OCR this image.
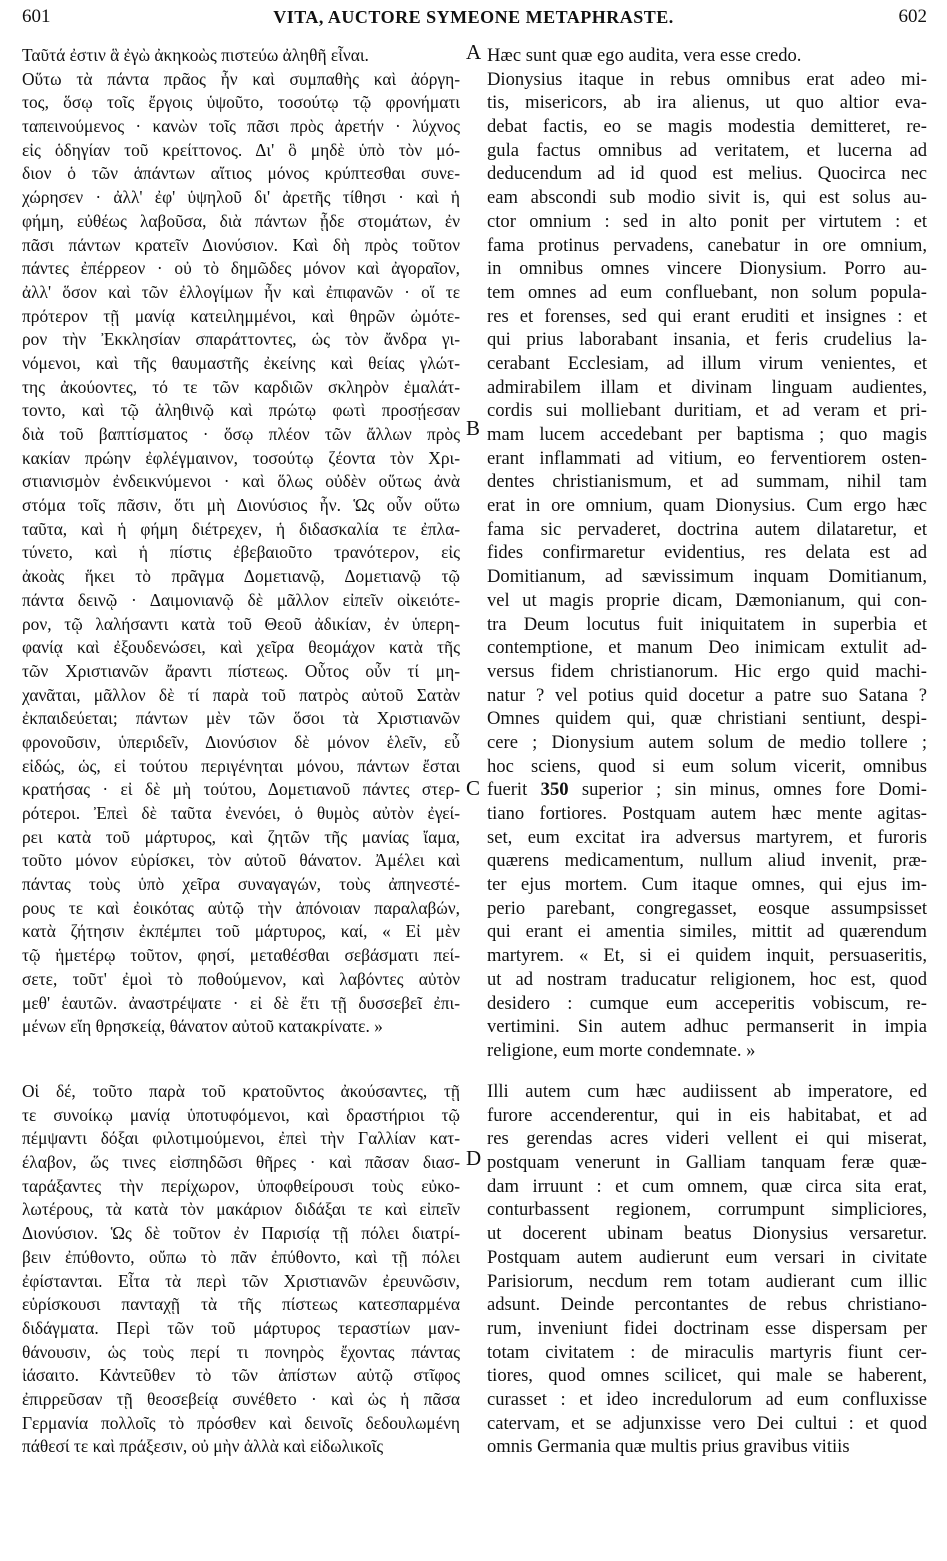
601	VITA, AUCTORE SYMEONE METAPHRASTE.	602
A
B
C
D
Ταῦτά ἐστιν ἃ ἐγὼ ἀκηκοὼς πιστεύω ἀληθῆ εἶναι.
Οὕτω τὰ πάντα πρᾶος ἦν καὶ συμπαθὴς καὶ ἀόργη-
τος, ὅσῳ τοῖς ἔργοις ὑψοῦτο, τοσούτῳ τῷ φρονήματι
ταπεινούμενος · κανὼν τοῖς πᾶσι πρὸς ἀρετήν · λύχνος
εἰς ὁδηγίαν τοῦ κρείττονος. Δι' ὃ μηδὲ ὑπὸ τὸν μό-
διον ὁ τῶν ἁπάντων αἴτιος μόνος κρύπτεσθαι συνε-
χώρησεν · ἀλλ' ἐφ' ὑψηλοῦ δι' ἀρετῆς τίθησι · καὶ ἡ
φήμη, εὐθέως λαβοῦσα, διὰ πάντων ᾖδε στομάτων, ἐν
πᾶσι πάντων κρατεῖν Διονύσιον. Καὶ δὴ πρὸς τοῦτον
πάντες ἐπέρρεον · οὐ τὸ δημῶδες μόνον καὶ ἀγοραῖον,
ἀλλ' ὅσον καὶ τῶν ἐλλογίμων ἦν καὶ ἐπιφανῶν · οἵ τε
πρότερον τῇ μανίᾳ κατειλημμένοι, καὶ θηρῶν ὠμότε-
ρον τὴν Ἐκκλησίαν σπαράττοντες, ὡς τὸν ἄνδρα γι-
νόμενοι, καὶ τῆς θαυμαστῆς ἐκείνης καὶ θείας γλώτ-
της ἀκούοντες, τό τε τῶν καρδιῶν σκληρὸν ἐμαλάτ-
τοντο, καὶ τῷ ἀληθινῷ καὶ πρώτῳ φωτὶ προσῄεσαν
διὰ τοῦ βαπτίσματος · ὅσῳ πλέον τῶν ἄλλων πρὸς
κακίαν πρώην ἐφλέγμαινον, τοσούτῳ ζέοντα τὸν Χρι-
στιανισμὸν ἐνδεικνύμενοι · καὶ ὅλως οὐδὲν οὕτως ἀνὰ
στόμα τοῖς πᾶσιν, ὅτι μὴ Διονύσιος ἦν. Ὡς οὖν οὕτω
ταῦτα, καὶ ἡ φήμη διέτρεχεν, ἡ διδασκαλία τε ἐπλα-
τύνετο, καὶ ἡ πίστις ἐβεβαιοῦτο τρανότερον, εἰς
ἀκοὰς ἥκει τὸ πρᾶγμα Δομετιανῷ, Δομετιανῷ τῷ
πάντα δεινῷ · Δαιμονιανῷ δὲ μᾶλλον εἰπεῖν οἰκειότε-
ρον, τῷ λαλήσαντι κατὰ τοῦ Θεοῦ ἀδικίαν, ἐν ὑπερη-
φανίᾳ καὶ ἐξουδενώσει, καὶ χεῖρα θεομάχον κατὰ τῆς
τῶν Χριστιανῶν ἄραντι πίστεως. Οὗτος οὖν τί μη-
χανᾶται, μᾶλλον δὲ τί παρὰ τοῦ πατρὸς αὐτοῦ Σατὰν
ἐκπαιδεύεται; πάντων μὲν τῶν ὅσοι τὰ Χριστιανῶν
φρονοῦσιν, ὑπεριδεῖν, Διονύσιον δὲ μόνον ἑλεῖν, εὖ
εἰδώς, ὡς, εἰ τούτου περιγένηται μόνου, πάντων ἔσται
κρατήσας · εἰ δὲ μὴ τούτου, Δομετιανοῦ πάντες στερ-
ρότεροι. Ἐπεὶ δὲ ταῦτα ἐνενόει, ὁ θυμὸς αὐτὸν ἐγεί-
ρει κατὰ τοῦ μάρτυρος, καὶ ζητῶν τῆς μανίας ἴαμα,
τοῦτο μόνον εὑρίσκει, τὸν αὐτοῦ θάνατον. Ἀμέλει καὶ
πάντας τοὺς ὑπὸ χεῖρα συναγαγών, τοὺς ἀπηνεστέ-
ρους τε καὶ ἐοικότας αὐτῷ τὴν ἀπόνοιαν παραλαβών,
κατὰ ζήτησιν ἐκπέμπει τοῦ μάρτυρος, καί, « Εἰ μὲν
τῷ ἡμετέρῳ τοῦτον, φησί, μεταθέσθαι σεβάσματι πεί-
σετε, τοῦτ' ἐμοὶ τὸ ποθούμενον, καὶ λαβόντες αὐτὸν
μεθ' ἑαυτῶν. ἀναστρέψατε · εἰ δὲ ἔτι τῇ δυσσεβεῖ ἐπι-
μένων εἴη θρησκείᾳ, θάνατον αὐτοῦ κατακρίνατε. »
Οἱ δέ, τοῦτο παρὰ τοῦ κρατοῦντος ἀκούσαντες, τῇ
τε συνοίκῳ μανίᾳ ὑποτυφόμενοι, καὶ δραστήριοι τῷ
πέμψαντι δόξαι φιλοτιμούμενοι, ἐπεὶ τὴν Γαλλίαν κατ-
έλαβον, ὥς τινες εἰσπηδῶσι θῆρες · καὶ πᾶσαν διασ-
ταράξαντες τὴν περίχωρον, ὑποφθείρουσι τοὺς εὐκο-
λωτέρους, τὰ κατὰ τὸν μακάριον διδάξαι τε καὶ εἰπεῖν
Διονύσιον. Ὡς δὲ τοῦτον ἐν Παρισίᾳ τῇ πόλει διατρί-
βειν ἐπύθοντο, οὔπω τὸ πᾶν ἐπύθοντο, καὶ τῇ πόλει
ἐφίστανται. Εἶτα τὰ περὶ τῶν Χριστιανῶν ἐρευνῶσιν,
εὑρίσκουσι πανταχῇ τὰ τῆς πίστεως κατεσπαρμένα
διδάγματα. Περὶ τῶν τοῦ μάρτυρος τεραστίων μαν-
θάνουσιν, ὡς τοὺς περί τι πονηρὸς ἔχοντας πάντας
ἰάσαιτο. Κἀντεῦθεν τὸ τῶν ἀπίστων αὐτῷ στῖφος
ἐπιρρεῦσαν τῇ θεοσεβείᾳ συνέθετο · καὶ ὡς ἡ πᾶσα
Γερμανία πολλοῖς τὸ πρόσθεν καὶ δεινοῖς δεδουλωμένη
πάθεσί τε καὶ πράξεσιν, οὐ μὴν ἀλλὰ καὶ εἰδωλικοῖς
Hæc sunt quæ ego audita, vera esse credo.
Dionysius itaque in rebus omnibus erat adeo mi-
tis, misericors, ab ira alienus, ut quo altior eva-
debat factis, eo se magis modestia demitteret, re-
gula factus omnibus ad veritatem, et lucerna ad
deducendum ad id quod est melius. Quocirca nec
eam abscondi sub modio sivit is, qui est solus au-
ctor omnium : sed in alto ponit per virtutem : et
fama protinus pervadens, canebatur in ore omnium,
in omnibus omnes vincere Dionysium. Porro au-
tem omnes ad eum confluebant, non solum popula-
res et forenses, sed qui erant eruditi et insignes : et
qui prius laborabant insania, et feris crudelius la-
cerabant Ecclesiam, ad illum virum venientes, et
admirabilem illam et divinam linguam audientes,
cordis sui molliebant duritiam, et ad veram et pri-
mam lucem accedebant per baptisma ; quo magis
erant inflammati ad vitium, eo ferventiorem osten-
dentes christianismum, et ad summam, nihil tam
erat in ore omnium, quam Dionysius. Cum ergo hæc
fama sic pervaderet, doctrina autem dilataretur, et
fides confirmaretur evidentius, res delata est ad
Domitianum, ad sævissimum inquam Domitianum,
vel ut magis proprie dicam, Dæmonianum, qui con-
tra Deum locutus fuit iniquitatem in superbia et
contemptione, et manum Deo inimicam extulit ad-
versus fidem christianorum. Hic ergo quid machi-
natur ? vel potius quid docetur a patre suo Satana ?
Omnes quidem qui, quæ christiani sentiunt, despi-
cere ; Dionysium autem solum de medio tollere ;
hoc sciens, quod si eum solum vicerit, omnibus
fuerit 350 superior ; sin minus, omnes fore Domi-
tiano fortiores. Postquam autem hæc mente agitas-
set, eum excitat ira adversus martyrem, et furoris
quærens medicamentum, nullum aliud invenit, præ-
ter ejus mortem. Cum itaque omnes, qui ejus im-
perio parebant, congregasset, eosque assumpsisset
qui erant ei amentia similes, mittit ad quærendum
martyrem. « Et, si ei quidem inquit, persuaseritis,
ut ad nostram traducatur religionem, hoc est, quod
desidero : cumque eum acceperitis vobiscum, re-
vertimini. Sin autem adhuc permanserit in impia
religione, eum morte condemnate. »
Illi autem cum hæc audiissent ab imperatore, ed
furore accenderentur, qui in eis habitabat, et ad
res gerendas acres videri vellent ei qui miserat,
postquam venerunt in Galliam tanquam feræ quæ-
dam irruunt : et cum omnem, quæ circa sita erat,
conturbassent regionem, corrumpunt simpliciores,
ut docerent ubinam beatus Dionysius versaretur.
Postquam autem audierunt eum versari in civitate
Parisiorum, necdum rem totam audierant cum illic
adsunt. Deinde percontantes de rebus christiano-
rum, inveniunt fidei doctrinam esse dispersam per
totam civitatem : de miraculis martyris fiunt cer-
tiores, quod omnes scilicet, qui male se haberent,
curasset : et ideo incredulorum ad eum confluxisse
catervam, et se adjunxisse vero Dei cultui : et quod
omnis Germania quæ multis prius gravibus vitiis
